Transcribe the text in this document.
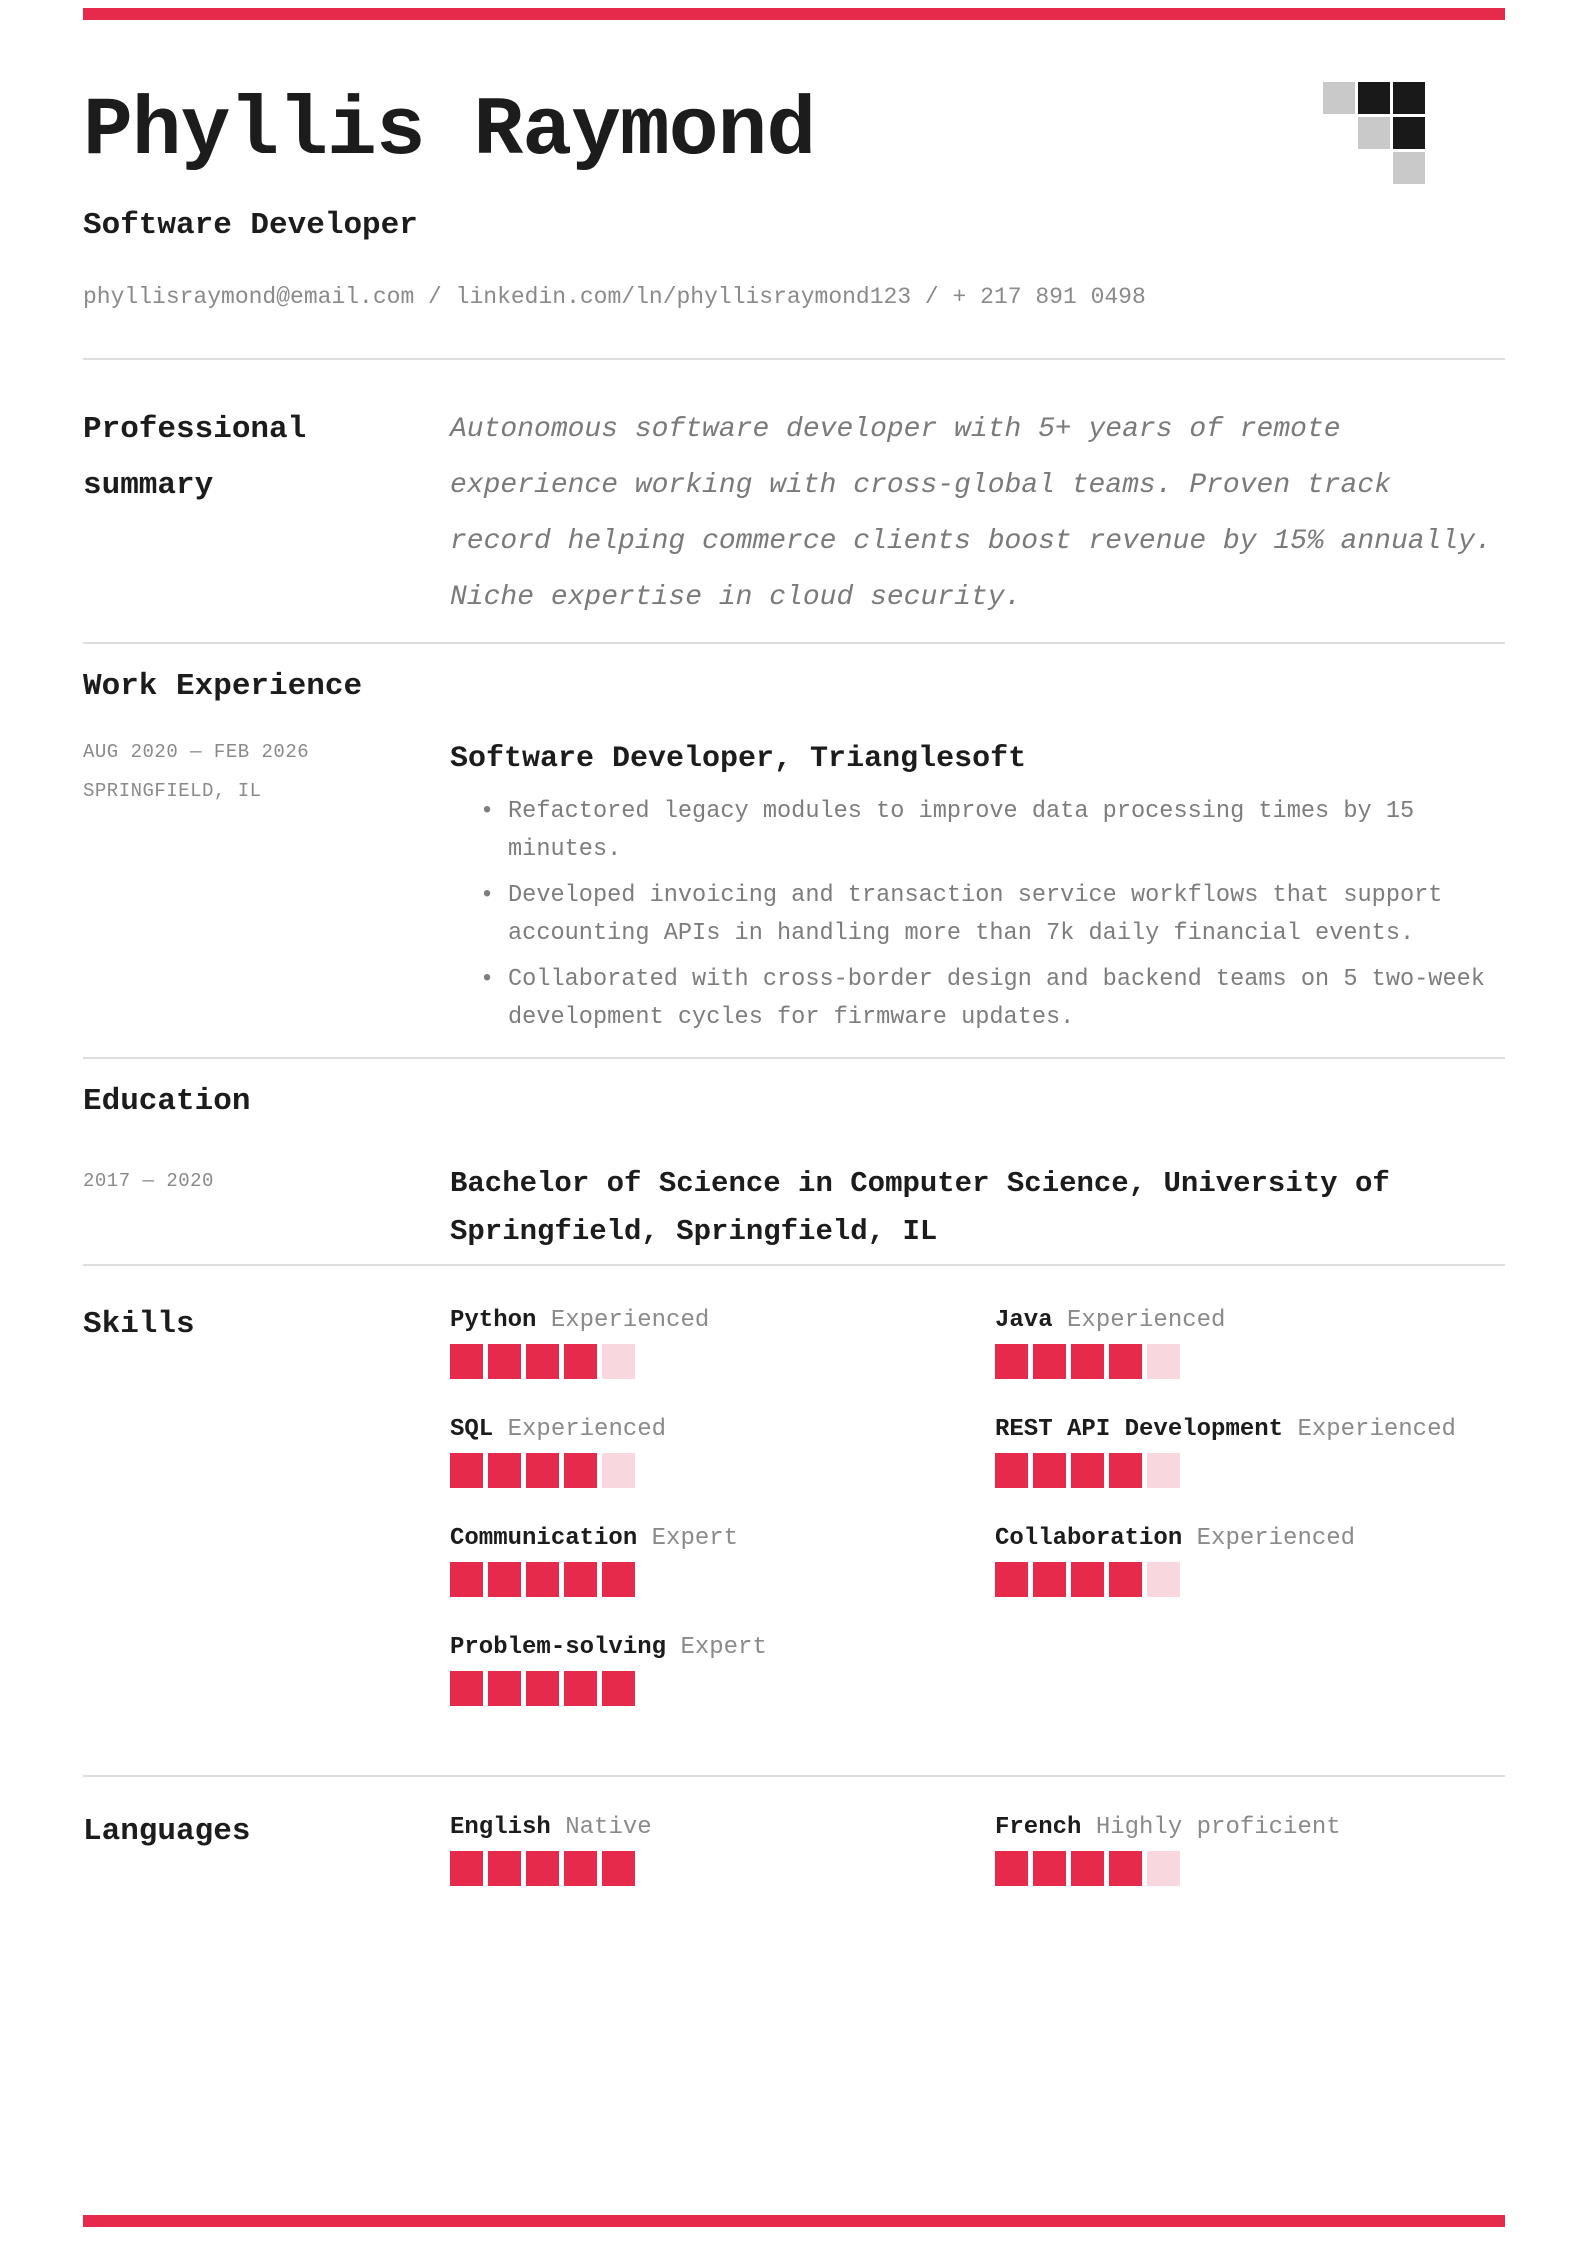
Phyllis Raymond
Software Developer
phyllisraymond@email.com / linkedin.com/ln/phyllisraymond123 / + 217 891 0498
Professional summary
Autonomous software developer with 5+ years of remote experience working with cross-global teams. Proven track record helping commerce clients boost revenue by 15% annually. Niche expertise in cloud security.
Work Experience
AUG 2020 — FEB 2026
SPRINGFIELD, IL
Software Developer, Trianglesoft
• Refactored legacy modules to improve data processing times by 15 minutes.
• Developed invoicing and transaction service workflows that support accounting APIs in handling more than 7k daily financial events.
• Collaborated with cross-border design and backend teams on 5 two-week development cycles for firmware updates.
Education
2017 — 2020	Bachelor of Science in Computer Science, University of Springfield, Springfield, IL
Skills	Python Experienced	Java Experienced
SQL Experienced	REST API Development Experienced
Communication Expert	Collaboration Experienced
Problem-solving Expert
Languages	English Native	French Highly proficient
